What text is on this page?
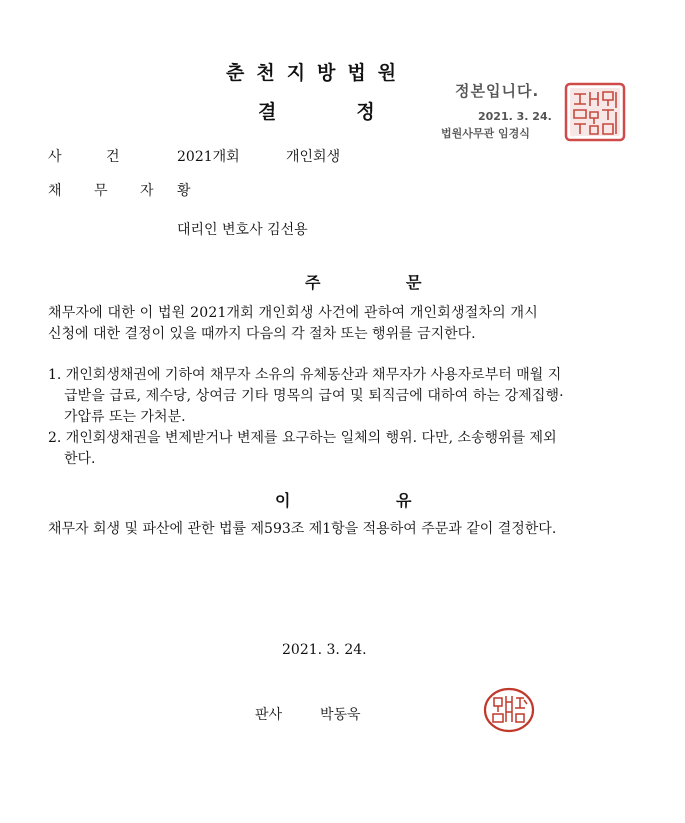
춘천지방법원
결정
정본입니다.
2021. 3. 24.
법원사무관 임경식
사 건	2021개회	개인회생
채 무 자 황
대리인 변호사 김선용
주 문
채무자에 대한 이 법원 2021개회 개인회생 사건에 관하여 개인회생절차의 개시
신청에 대한 결정이 있을 때까지 다음의 각 절차 또는 행위를 금지한다.
1. 개인회생채권에 기하여 채무자 소유의 유체동산과 채무자가 사용자로부터 매월 지
급받을 급료, 제수당, 상여금 기타 명목의 급여 및 퇴직금에 대하여 하는 강제집행·
가압류 또는 가처분.
2. 개인회생채권을 변제받거나 변제를 요구하는 일체의 행위. 다만, 소송행위를 제외
한다.
이 유
채무자 회생 및 파산에 관한 법률 제593조 제1항을 적용하여 주문과 같이 결정한다.
2021. 3. 24.
판사	박동욱
